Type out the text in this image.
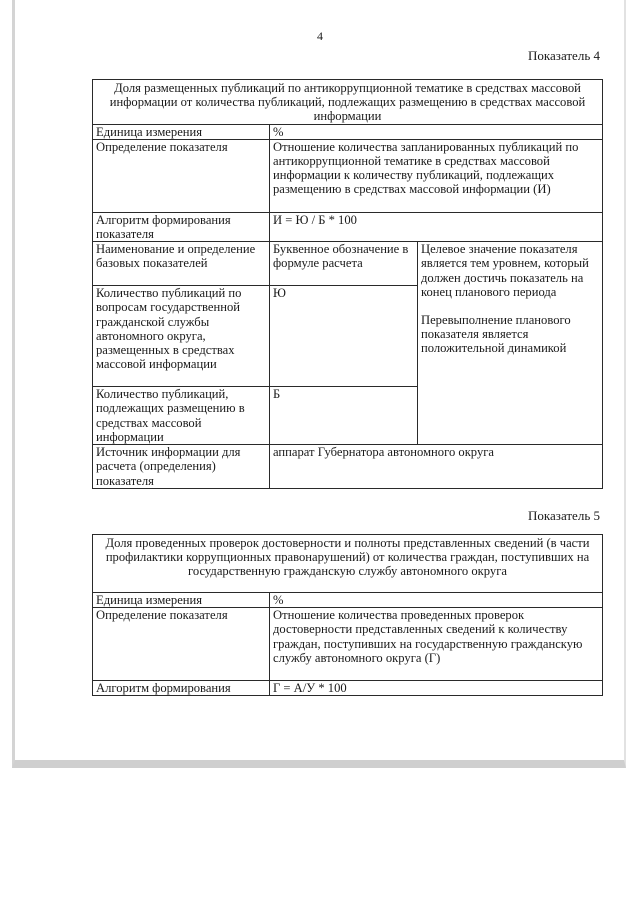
4
Показатель 4
Доля размещенных публикаций по антикоррупционной тематике в средствах массовой информации от количества публикаций, подлежащих размещению в средствах массовой информации		
Единица измерения	%	
Определение показателя	Отношение количества запланированных публикаций по антикоррупционной тематике в средствах массовой информации к количеству публикаций, подлежащих размещению в средствах массовой информации (И)	
Алгоритм формирования показателя	И = Ю / Б * 100	
Наименование и определение базовых показателей	Буквенное обозначение в формуле расчета	Целевое значение показателя является тем уровнем, который должен достичь показатель на конец планового периода
Перевыполнение планового показателя является положительной динамикой
Количество публикаций по вопросам государственной гражданской службы автономного округа, размещенных в средствах массовой информации	Ю	
Количество публикаций, подлежащих размещению в средствах массовой информации	Б	
Источник информации для расчета (определения) показателя	аппарат Губернатора автономного округа	
Показатель 5
Доля проведенных проверок достоверности и полноты представленных сведений (в части профилактики коррупционных правонарушений) от количества граждан, поступивших на государственную гражданскую службу автономного округа	
Единица измерения	%
Определение показателя	Отношение количества проведенных проверок достоверности представленных сведений к количеству граждан, поступивших на государственную гражданскую службу автономного округа (Г)
Алгоритм формирования	Г = А/У * 100
